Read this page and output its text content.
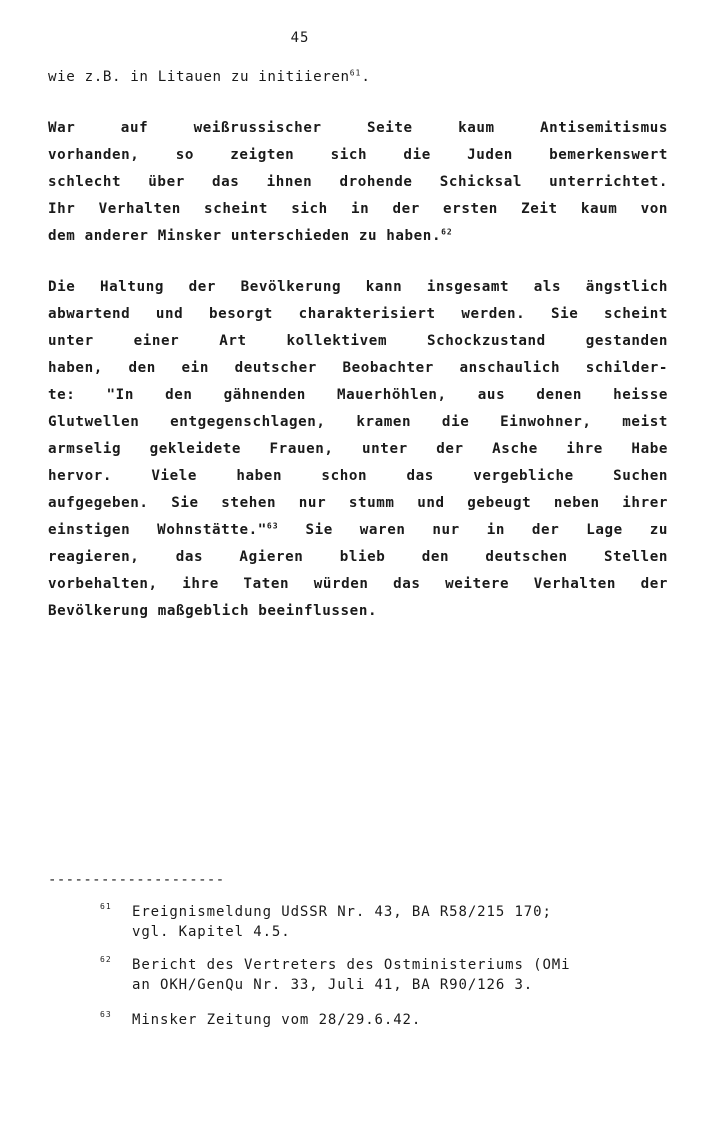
45
wie z.B. in Litauen zu initiieren$^{61}$.
War auf weißrussischer Seite kaum Antisemitismus
vorhanden, so zeigten sich die Juden bemerkenswert
schlecht über das ihnen drohende Schicksal unterrichtet.
Ihr Verhalten scheint sich in der ersten Zeit kaum von
dem anderer Minsker unterschieden zu haben.$^{62}$
Die Haltung der Bevölkerung kann insgesamt als ängstlich
abwartend und besorgt charakterisiert werden. Sie scheint
unter einer Art kollektivem Schockzustand gestanden
haben, den ein deutscher Beobachter anschaulich schilder-
te: "In den gähnenden Mauerhöhlen, aus denen heisse
Glutwellen entgegenschlagen, kramen die Einwohner, meist
armselig gekleidete Frauen, unter der Asche ihre Habe
hervor. Viele haben schon das vergebliche Suchen
aufgegeben. Sie stehen nur stumm und gebeugt neben ihrer
einstigen Wohnstätte."$^{63}$ Sie waren nur in der Lage zu
reagieren, das Agieren blieb den deutschen Stellen
vorbehalten, ihre Taten würden das weitere Verhalten der
Bevölkerung maßgeblich beeinflussen.
--------------------
61 Ereignismeldung UdSSR Nr. 43, BA R58/215 170;
vgl. Kapitel 4.5.
62 Bericht des Vertreters des Ostministeriums (OMi
an OKH/GenQu Nr. 33, Juli 41, BA R90/126 3.
63 Minsker Zeitung vom 28/29.6.42.
